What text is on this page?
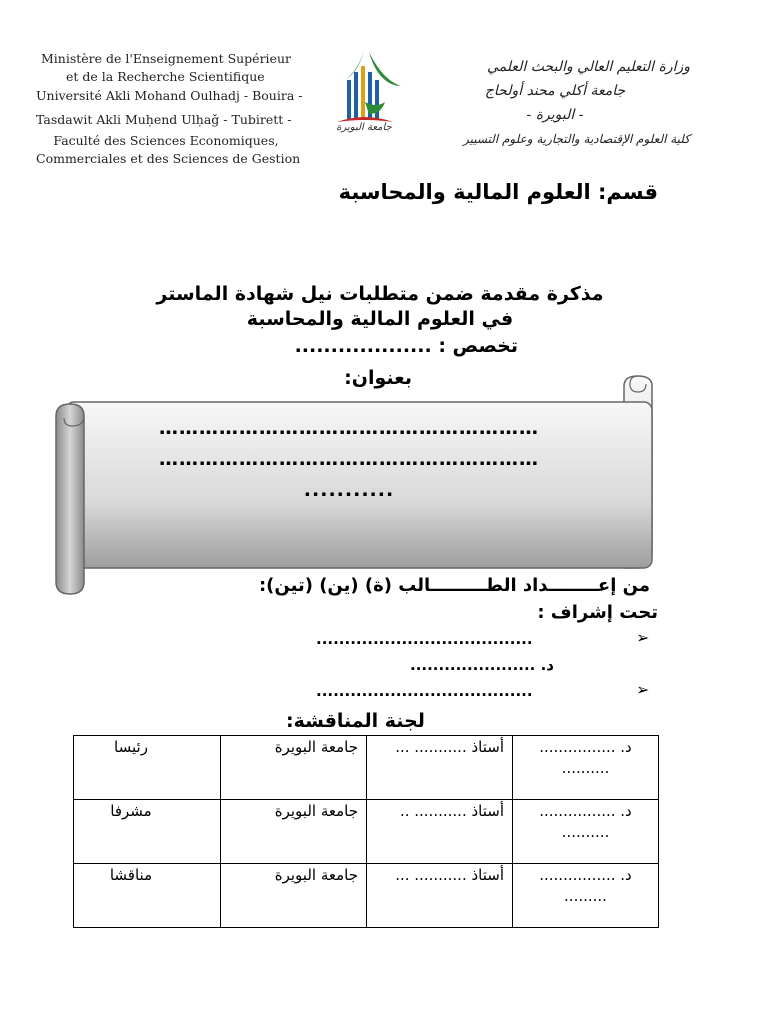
Ministère de l'Enseignement Supérieur
et de la Recherche Scientifique
Université Akli Mohand Oulhadj - Bouira -
Tasdawit Akli Muḥend Ulḥaǧ - Tubirett -
Faculté des Sciences Economiques,
Commerciales et des Sciences de Gestion
جامعة البويرة
وزارة التعليم العالي والبحث العلمي
جامعة أكلي محند أولحاج
- البويرة -
كلية العلوم الإقتصادية والتجارية وعلوم التسيير
قسم: العلوم المالية والمحاسبة
مذكرة مقدمة ضمن متطلبات نيل شهادة الماستر
في العلوم المالية والمحاسبة
تخصص : ...................
بعنوان:
…………………………………………………
…………………………………………………
...........
من إعــــــــداد الطـــــــــالب (ة) (ين) (تين):
تحت إشراف :
➢
......................................
د. ......................
➢
......................................
لجنة المناقشة:
د. ................ ..........	أستاذ ........... ...	جامعة البويرة	رئيسا
د. ................ ..........	أستاذ ........... ..	جامعة البويرة	مشرفا
د. ................ .........	أستاذ ........... ...	جامعة البويرة	مناقشا
